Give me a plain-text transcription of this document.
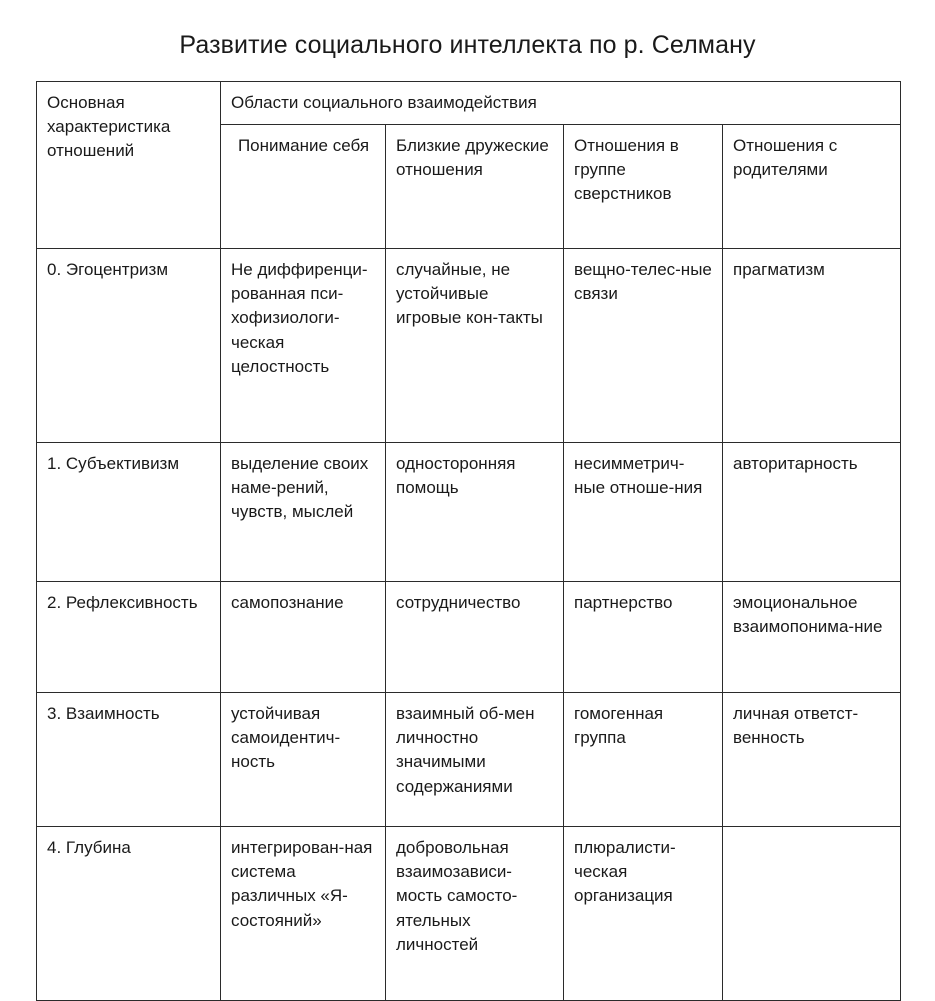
Развитие социального интеллекта по р. Селману
Основная характеристика отношений	Области социального взаимодействия			

	Понимание себя	Близкие дружеские отношения	Отношения в группе сверстников	Отношения с родителями

0. Эгоцентризм	Не диффиренци-рованная пси-хофизиологи-ческая целостность	случайные, не устойчивые игровые кон-такты	вещно-телес-ные связи	прагматизм

1. Субъективизм	выделение своих наме-рений, чувств, мыслей	односторонняя помощь	несимметрич-ные отноше-ния	авторитарность

2. Рефлексивность	самопознание	сотрудничество	партнерство	эмоциональное взаимопонима-ние

3. Взаимность	устойчивая самоидентич-ность	взаимный об-мен личностно значимыми содержаниями	гомогенная группа	личная ответст-венность

4. Глубина	интегрирован-ная система различных «Я-состояний»	добровольная взаимозависи-мость самосто-ятельных личностей	плюралисти-ческая организация	
